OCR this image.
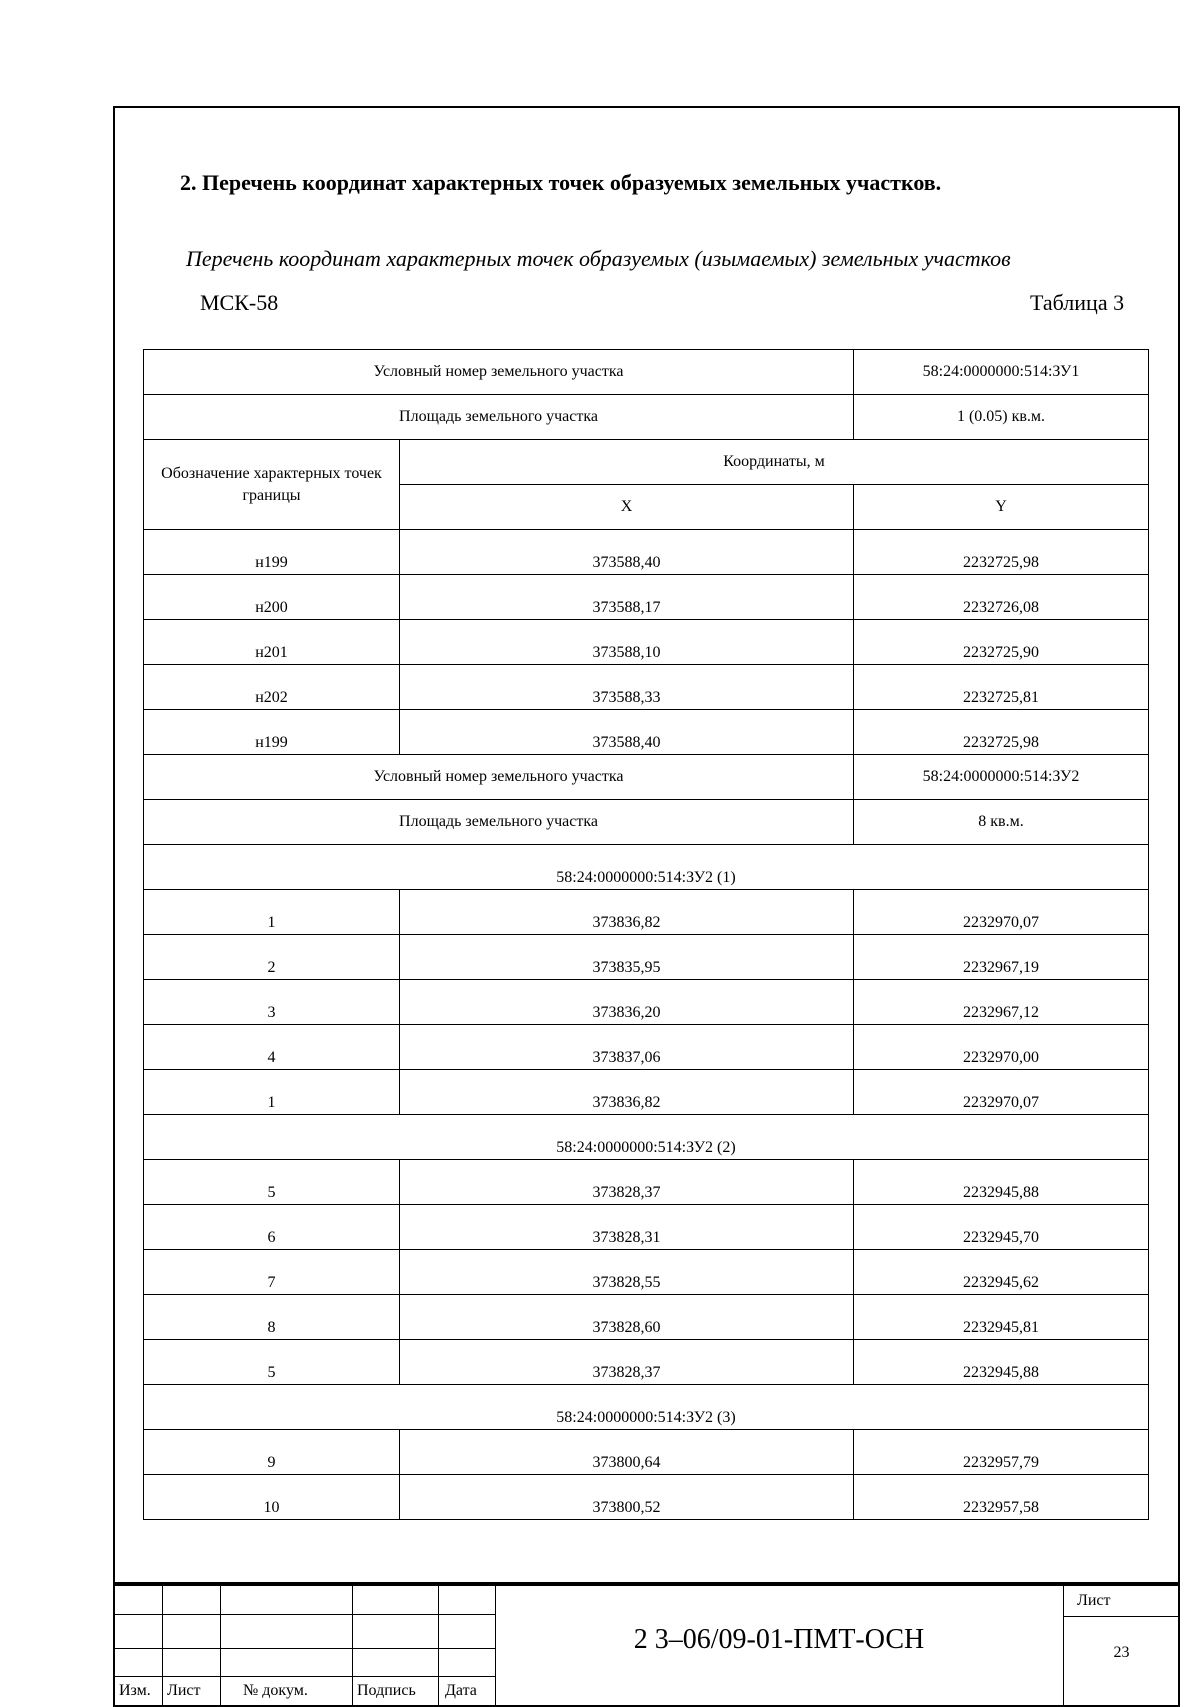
2. Перечень координат характерных точек образуемых земельных участков.
Перечень координат характерных точек образуемых (изымаемых) земельных участков
МСК-58	Таблица 3
Условный номер земельного участка		58:24:0000000:514:ЗУ1
Площадь земельного участка		1 (0.05) кв.м.
Обозначение характерных точек границы	Координаты, м	
	X	Y
н199	373588,40	2232725,98
н200	373588,17	2232726,08
н201	373588,10	2232725,90
н202	373588,33	2232725,81
н199	373588,40	2232725,98
Условный номер земельного участка		58:24:0000000:514:ЗУ2
Площадь земельного участка		8 кв.м.
58:24:0000000:514:ЗУ2 (1)		
1	373836,82	2232970,07
2	373835,95	2232967,19
3	373836,20	2232967,12
4	373837,06	2232970,00
1	373836,82	2232970,07
58:24:0000000:514:ЗУ2 (2)		
5	373828,37	2232945,88
6	373828,31	2232945,70
7	373828,55	2232945,62
8	373828,60	2232945,81
5	373828,37	2232945,88
58:24:0000000:514:ЗУ2 (3)		
9	373800,64	2232957,79
10	373800,52	2232957,58
Изм. Лист	№ докум.	Подпись Дата
2 3–06/09-01-ПМТ-ОСН
Лист
23
